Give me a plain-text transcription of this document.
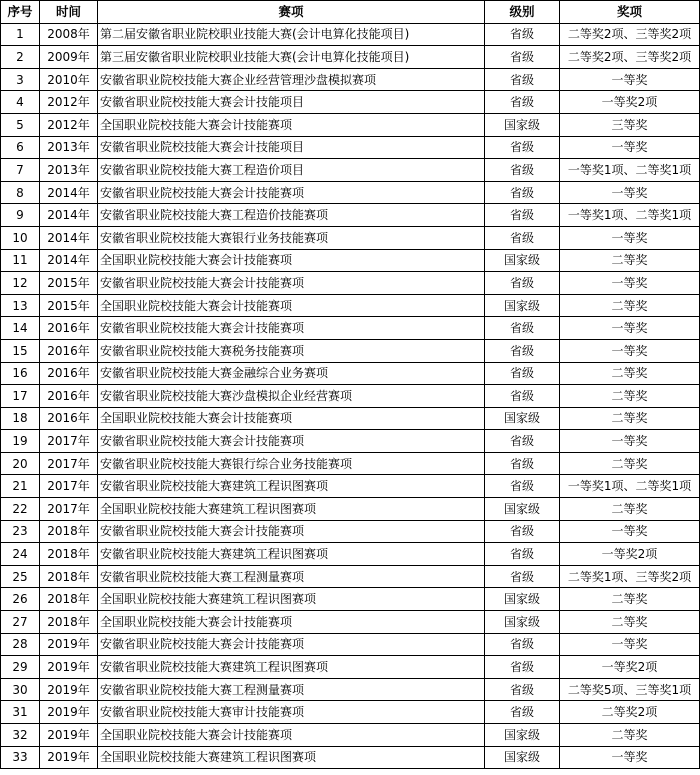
序号	时间	赛项	级别	奖项
1	2008年	第二届安徽省职业院校职业技能大赛(会计电算化技能项目)	省级	二等奖2项、三等奖2项
2	2009年	第三届安徽省职业院校职业技能大赛(会计电算化技能项目)	省级	二等奖2项、三等奖2项
3	2010年	安徽省职业院校技能大赛企业经营管理沙盘模拟赛项	省级	一等奖
4	2012年	安徽省职业院校技能大赛会计技能项目	省级	一等奖2项
5	2012年	全国职业院校技能大赛会计技能赛项	国家级	三等奖
6	2013年	安徽省职业院校技能大赛会计技能项目	省级	一等奖
7	2013年	安徽省职业院校技能大赛工程造价项目	省级	一等奖1项、二等奖1项
8	2014年	安徽省职业院校技能大赛会计技能赛项	省级	一等奖
9	2014年	安徽省职业院校技能大赛工程造价技能赛项	省级	一等奖1项、二等奖1项
10	2014年	安徽省职业院校技能大赛银行业务技能赛项	省级	一等奖
11	2014年	全国职业院校技能大赛会计技能赛项	国家级	二等奖
12	2015年	安徽省职业院校技能大赛会计技能赛项	省级	一等奖
13	2015年	全国职业院校技能大赛会计技能赛项	国家级	二等奖
14	2016年	安徽省职业院校技能大赛会计技能赛项	省级	一等奖
15	2016年	安徽省职业院校技能大赛税务技能赛项	省级	一等奖
16	2016年	安徽省职业院校技能大赛金融综合业务赛项	省级	二等奖
17	2016年	安徽省职业院校技能大赛沙盘模拟企业经营赛项	省级	二等奖
18	2016年	全国职业院校技能大赛会计技能赛项	国家级	二等奖
19	2017年	安徽省职业院校技能大赛会计技能赛项	省级	一等奖
20	2017年	安徽省职业院校技能大赛银行综合业务技能赛项	省级	二等奖
21	2017年	安徽省职业院校技能大赛建筑工程识图赛项	省级	一等奖1项、二等奖1项
22	2017年	全国职业院校技能大赛建筑工程识图赛项	国家级	二等奖
23	2018年	安徽省职业院校技能大赛会计技能赛项	省级	一等奖
24	2018年	安徽省职业院校技能大赛建筑工程识图赛项	省级	一等奖2项
25	2018年	安徽省职业院校技能大赛工程测量赛项	省级	二等奖1项、三等奖2项
26	2018年	全国职业院校技能大赛建筑工程识图赛项	国家级	二等奖
27	2018年	全国职业院校技能大赛会计技能赛项	国家级	二等奖
28	2019年	安徽省职业院校技能大赛会计技能赛项	省级	一等奖
29	2019年	安徽省职业院校技能大赛建筑工程识图赛项	省级	一等奖2项
30	2019年	安徽省职业院校技能大赛工程测量赛项	省级	二等奖5项、三等奖1项
31	2019年	安徽省职业院校技能大赛审计技能赛项	省级	二等奖2项
32	2019年	全国职业院校技能大赛会计技能赛项	国家级	二等奖
33	2019年	全国职业院校技能大赛建筑工程识图赛项	国家级	一等奖
